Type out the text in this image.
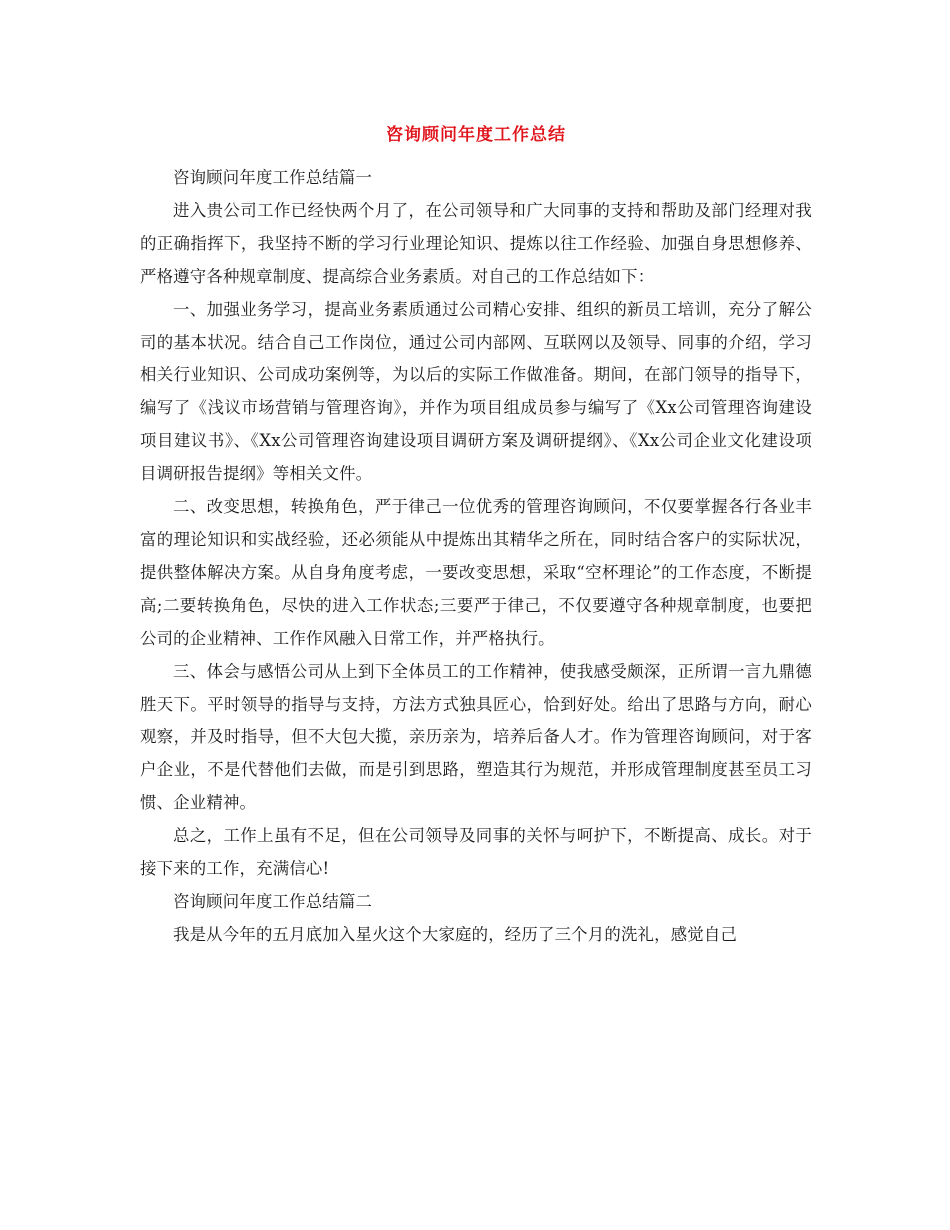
咨询顾问年度工作总结

咨询顾问年度工作总结篇一

进入贵公司工作已经快两个月了，在公司领导和广大同事的支持和帮助及部门经理对我的正确指挥下，我坚持不断的学习行业理论知识、提炼以往工作经验、加强自身思想修养、严格遵守各种规章制度、提高综合业务素质。对自己的工作总结如下：

一、加强业务学习，提高业务素质通过公司精心安排、组织的新员工培训，充分了解公司的基本状况。结合自己工作岗位，通过公司内部网、互联网以及领导、同事的介绍，学习相关行业知识、公司成功案例等，为以后的实际工作做准备。期间，在部门领导的指导下，编写了《浅议市场营销与管理咨询》，并作为项目组成员参与编写了《Xx公司管理咨询建设项目建议书》、《Xx公司管理咨询建设项目调研方案及调研提纲》、《Xx公司企业文化建设项目调研报告提纲》等相关文件。

二、改变思想，转换角色，严于律己一位优秀的管理咨询顾问，不仅要掌握各行各业丰富的理论知识和实战经验，还必须能从中提炼出其精华之所在，同时结合客户的实际状况，提供整体解决方案。从自身角度考虑，一要改变思想，采取“空杯理论”的工作态度，不断提高;二要转换角色，尽快的进入工作状态;三要严于律己，不仅要遵守各种规章制度，也要把公司的企业精神、工作作风融入日常工作，并严格执行。

三、体会与感悟公司从上到下全体员工的工作精神，使我感受颇深，正所谓一言九鼎德胜天下。平时领导的指导与支持，方法方式独具匠心，恰到好处。给出了思路与方向，耐心观察，并及时指导，但不大包大揽，亲历亲为，培养后备人才。作为管理咨询顾问，对于客户企业，不是代替他们去做，而是引到思路，塑造其行为规范，并形成管理制度甚至员工习惯、企业精神。

总之，工作上虽有不足，但在公司领导及同事的关怀与呵护下，不断提高、成长。对于接下来的工作，充满信心!

咨询顾问年度工作总结篇二

我是从今年的五月底加入星火这个大家庭的，经历了三个月的洗礼，感觉自己
